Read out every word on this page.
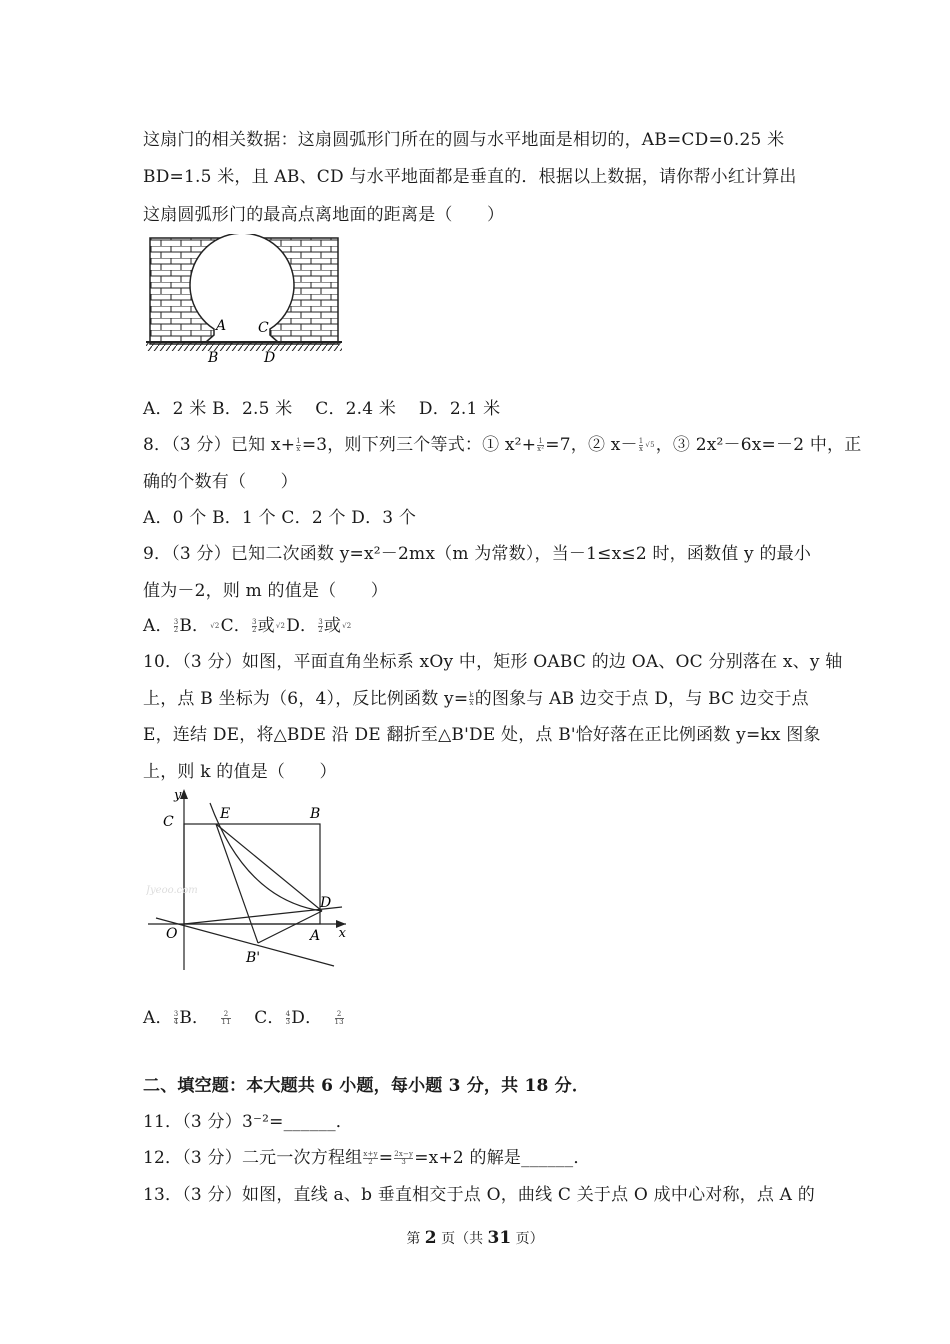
这扇门的相关数据：这扇圆弧形门所在的圆与水平地面是相切的，AB=CD=0.25 米
BD=1.5 米，且 AB、CD 与水平地面都是垂直的．根据以上数据，请你帮小红计算出
这扇圆弧形门的最高点离地面的距离是（　　）
A C
B	D
A．2 米 B．2.5 米　 C．2.4 米　 D．2.1 米
8．（3 分）已知 $x+ \frac{1}{x} =3$，则下列三个等式：① $x^2+ \frac{1}{\text{x²}} =7$，② $x- \frac{1}{x} √5$ ，③ 2x²－6x=－2 中，正
确的个数有（　　）
A．0 个 B．1 个 C．2 个 D．3 个
9．（3 分）已知二次函数 y=x²－2mx（m 为常数），当－1≤x≤2 时，函数值 y 的最小
值为－2，则 m 的值是（　　）
A． $\frac{3}{2}$ B． √2 C． $\frac{3}{2}$ 或 √2 D． $\frac{3}{2}$ 或 √2
10．（3 分）如图，平面直角坐标系 xOy 中，矩形 OABC 的边 OA、OC 分别落在 x、y 轴
上，点 B 坐标为（6，4），反比例函数 $y= \frac{k}{x}$ 的图象与 AB 边交于点 D，与 BC 边交于点
E，连结 DE，将△BDE 沿 DE 翻折至△B'DE 处，点 B'恰好落在正比例函数 y=kx 图象
上，则 k 的值是（　　）
y
x
C	E	B
D
O	A
B'
Jyeoo.com
A． $\frac{3}{4}$ B． $\frac{2}{11}$ C． $\frac{4}{3}$ D． $\frac{2}{13}$
二、填空题：本大题共 6 小题，每小题 3 分，共 18 分．
11．（3 分）3⁻²=______．
12．（3 分）二元一次方程组 $\frac{x+y}{2} = \frac{2x-y}{3} =x+2$ 的解是______．
13．（3 分）如图，直线 a、b 垂直相交于点 O，曲线 C 关于点 O 成中心对称，点 A 的
第 2 页（共 31 页）
